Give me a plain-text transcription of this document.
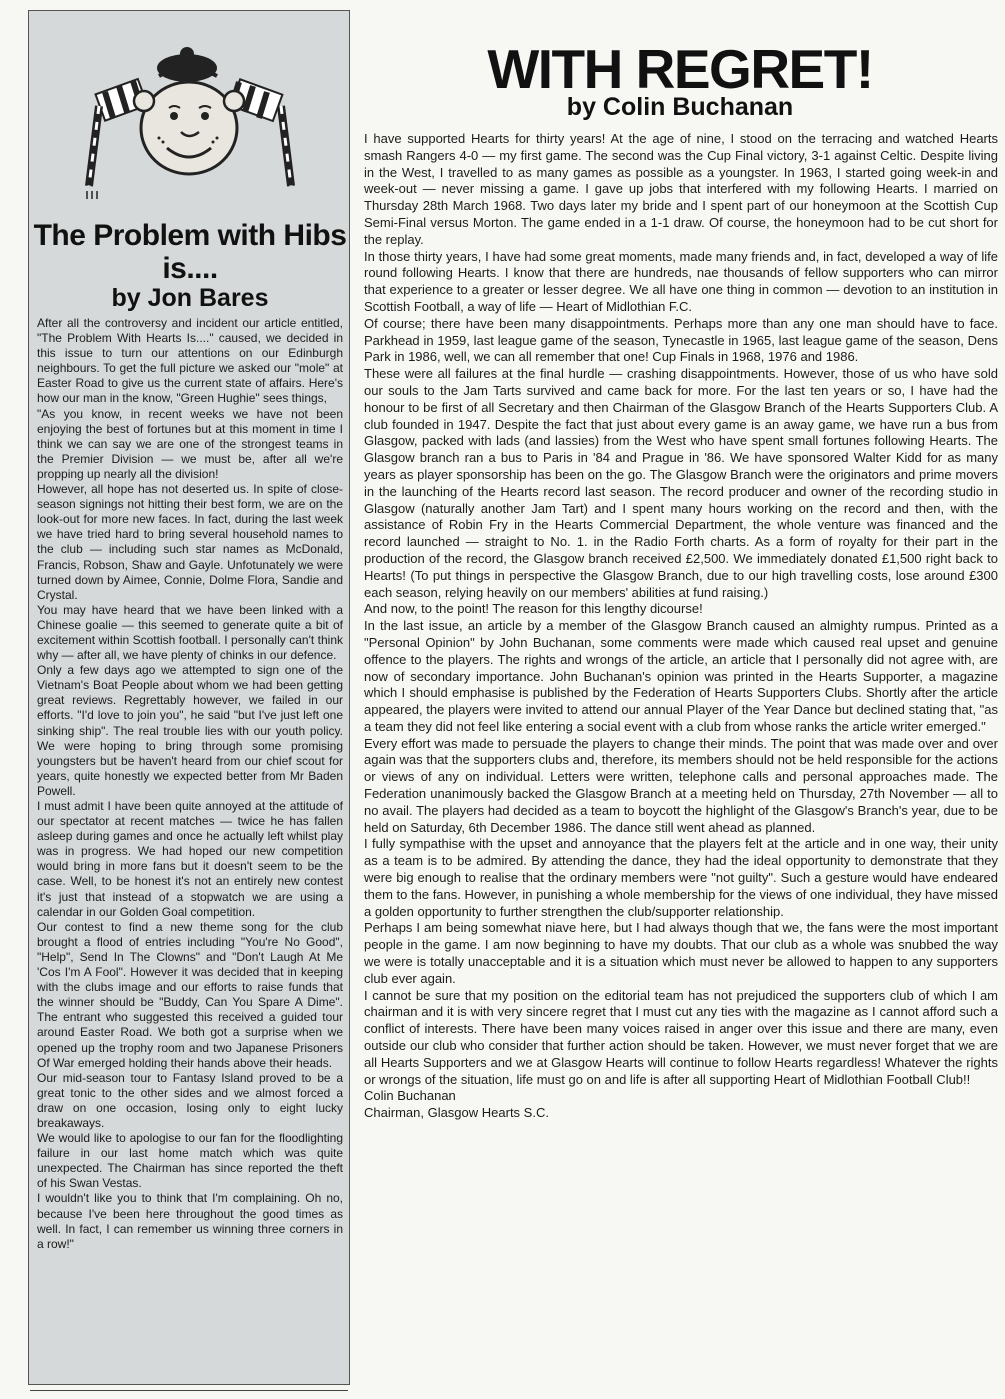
The Problem with Hibs is....
by Jon Bares

After all the controversy and incident our article entitled, "The Problem With Hearts Is...." caused, we decided in this issue to turn our attentions on our Edinburgh neighbours. To get the full picture we asked our "mole" at Easter Road to give us the current state of affairs. Here's how our man in the know, "Green Hughie" sees things,

"As you know, in recent weeks we have not been enjoying the best of fortunes but at this moment in time I think we can say we are one of the strongest teams in the Premier Division — we must be, after all we're propping up nearly all the division!

However, all hope has not deserted us. In spite of close-season signings not hitting their best form, we are on the look-out for more new faces. In fact, during the last week we have tried hard to bring several household names to the club — including such star names as McDonald, Francis, Robson, Shaw and Gayle. Unfotunately we were turned down by Aimee, Connie, Dolme Flora, Sandie and Crystal.

You may have heard that we have been linked with a Chinese goalie — this seemed to generate quite a bit of excitement within Scottish football. I personally can't think why — after all, we have plenty of chinks in our defence.

Only a few days ago we attempted to sign one of the Vietnam's Boat People about whom we had been getting great reviews. Regrettably however, we failed in our efforts. "I'd love to join you", he said "but I've just left one sinking ship". The real trouble lies with our youth policy. We were hoping to bring through some promising youngsters but be haven't heard from our chief scout for years, quite honestly we expected better from Mr Baden Powell.

I must admit I have been quite annoyed at the attitude of our spectator at recent matches — twice he has fallen asleep during games and once he actually left whilst play was in progress. We had hoped our new competition would bring in more fans but it doesn't seem to be the case. Well, to be honest it's not an entirely new contest it's just that instead of a stopwatch we are using a calendar in our Golden Goal competition.

Our contest to find a new theme song for the club brought a flood of entries including "You're No Good", "Help", Send In The Clowns" and "Don't Laugh At Me 'Cos I'm A Fool". However it was decided that in keeping with the clubs image and our efforts to raise funds that the winner should be "Buddy, Can You Spare A Dime". The entrant who suggested this received a guided tour around Easter Road. We both got a surprise when we opened up the trophy room and two Japanese Prisoners Of War emerged holding their hands above their heads.

Our mid-season tour to Fantasy Island proved to be a great tonic to the other sides and we almost forced a draw on one occasion, losing only to eight lucky breakaways.

We would like to apologise to our fan for the floodlighting failure in our last home match which was quite unexpected. The Chairman has since reported the theft of his Swan Vestas.

I wouldn't like you to think that I'm complaining. Oh no, because I've been here throughout the good times as well. In fact, I can remember us winning three corners in a row!"

WITH REGRET!
by Colin Buchanan

I have supported Hearts for thirty years! At the age of nine, I stood on the terracing and watched Hearts smash Rangers 4-0 — my first game. The second was the Cup Final victory, 3-1 against Celtic. Despite living in the West, I travelled to as many games as possible as a youngster. In 1963, I started going week-in and week-out — never missing a game. I gave up jobs that interfered with my following Hearts. I married on Thursday 28th March 1968. Two days later my bride and I spent part of our honeymoon at the Scottish Cup Semi-Final versus Morton. The game ended in a 1-1 draw. Of course, the honeymoon had to be cut short for the replay.

In those thirty years, I have had some great moments, made many friends and, in fact, developed a way of life round following Hearts. I know that there are hundreds, nae thousands of fellow supporters who can mirror that experience to a greater or lesser degree. We all have one thing in common — devotion to an institution in Scottish Football, a way of life — Heart of Midlothian F.C.

Of course; there have been many disappointments. Perhaps more than any one man should have to face. Parkhead in 1959, last league game of the season, Tynecastle in 1965, last league game of the season, Dens Park in 1986, well, we can all remember that one! Cup Finals in 1968, 1976 and 1986.

These were all failures at the final hurdle — crashing disappointments. However, those of us who have sold our souls to the Jam Tarts survived and came back for more. For the last ten years or so, I have had the honour to be first of all Secretary and then Chairman of the Glasgow Branch of the Hearts Supporters Club. A club founded in 1947. Despite the fact that just about every game is an away game, we have run a bus from Glasgow, packed with lads (and lassies) from the West who have spent small fortunes following Hearts. The Glasgow branch ran a bus to Paris in '84 and Prague in '86. We have sponsored Walter Kidd for as many years as player sponsorship has been on the go. The Glasgow Branch were the originators and prime movers in the launching of the Hearts record last season. The record producer and owner of the recording studio in Glasgow (naturally another Jam Tart) and I spent many hours working on the record and then, with the assistance of Robin Fry in the Hearts Commercial Department, the whole venture was financed and the record launched — straight to No. 1. in the Radio Forth charts. As a form of royalty for their part in the production of the record, the Glasgow branch received £2,500. We immediately donated £1,500 right back to Hearts! (To put things in perspective the Glasgow Branch, due to our high travelling costs, lose around £300 each season, relying heavily on our members' abilities at fund raising.)

And now, to the point! The reason for this lengthy dicourse!

In the last issue, an article by a member of the Glasgow Branch caused an almighty rumpus. Printed as a "Personal Opinion" by John Buchanan, some comments were made which caused real upset and genuine offence to the players. The rights and wrongs of the article, an article that I personally did not agree with, are now of secondary importance. John Buchanan's opinion was printed in the Hearts Supporter, a magazine which I should emphasise is published by the Federation of Hearts Supporters Clubs. Shortly after the article appeared, the players were invited to attend our annual Player of the Year Dance but declined stating that, "as a team they did not feel like entering a social event with a club from whose ranks the article writer emerged."

Every effort was made to persuade the players to change their minds. The point that was made over and over again was that the supporters clubs and, therefore, its members should not be held responsible for the actions or views of any on individual. Letters were written, telephone calls and personal approaches made. The Federation unanimously backed the Glasgow Branch at a meeting held on Thursday, 27th November — all to no avail. The players had decided as a team to boycott the highlight of the Glasgow's Branch's year, due to be held on Saturday, 6th December 1986. The dance still went ahead as planned.

I fully sympathise with the upset and annoyance that the players felt at the article and in one way, their unity as a team is to be admired. By attending the dance, they had the ideal opportunity to demonstrate that they were big enough to realise that the ordinary members were "not guilty". Such a gesture would have endeared them to the fans. However, in punishing a whole membership for the views of one individual, they have missed a golden opportunity to further strengthen the club/supporter relationship.

Perhaps I am being somewhat niave here, but I had always though that we, the fans were the most important people in the game. I am now beginning to have my doubts. That our club as a whole was snubbed the way we were is totally unacceptable and it is a situation which must never be allowed to happen to any supporters club ever again.

I cannot be sure that my position on the editorial team has not prejudiced the supporters club of which I am chairman and it is with very sincere regret that I must cut any ties with the magazine as I cannot afford such a conflict of interests. There have been many voices raised in anger over this issue and there are many, even outside our club who consider that further action should be taken. However, we must never forget that we are all Hearts Supporters and we at Glasgow Hearts will continue to follow Hearts regardless! Whatever the rights or wrongs of the situation, life must go on and life is after all supporting Heart of Midlothian Football Club!!

Colin Buchanan

Chairman, Glasgow Hearts S.C.
